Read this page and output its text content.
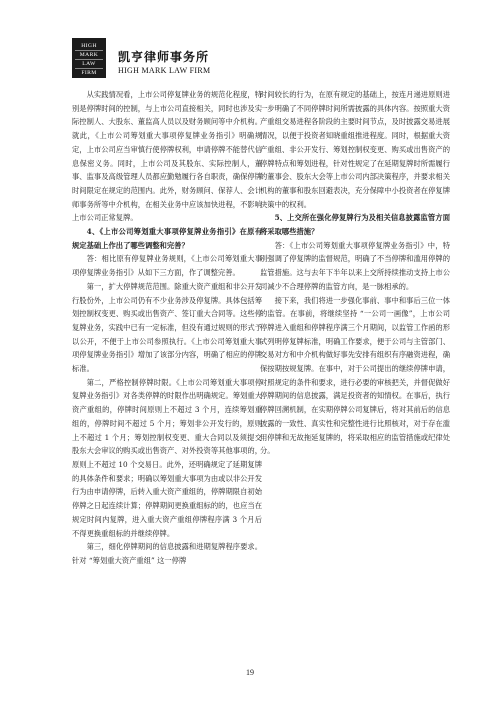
HIGH
MARK
LAW
FIRM
凯亨律师事务所
HIGH MARK LAW FIRM

从实践情况看，上市公司停复牌业务的规范化程度，特别是停牌时间的控制，与上市公司直接相关，同时也涉及实际控制人、大股东、董监高人员以及财务顾问等中介机构。就此，《上市公司筹划重大事项停复牌业务指引》明确规定，上市公司应当审慎行使停牌权利，申请停牌不能替代信息保密义务。同时，上市公司及其股东、实际控制人，董事、监事及高级管理人员都应勤勉履行各自职责，确保停牌时间限定在规定的范围内。此外，财务顾问、保荐人、会计师事务所等中介机构，在相关业务中应该加快进程，不影响上市公司正常复牌。

4、《上市公司筹划重大事项停复牌业务指引》在原有规定基础上作出了哪些调整和完善？

答：相比原有停复牌业务规则，《上市公司筹划重大事项停复牌业务指引》从如下三方面，作了调整完善。

第一，扩大停牌规范范围。除重大资产重组和非公开发行股份外，上市公司仍有不少业务涉及停复牌。具体包括筹划控制权变更、购买或出售资产、签订重大合同等。这些停复牌业务，实践中已有一定标准，但没有通过规则的形式予以公开，不便于上市公司参照执行。《上市公司筹划重大事项停复牌业务指引》增加了该部分内容，明确了相应的停牌标准。

第二，严格控制停牌时限。《上市公司筹划重大事项停复牌业务指引》对各类停牌的时限作出明确规定。筹划重大资产重组的，停牌时间原则上不超过 3 个月，连续筹划重组的，停牌时间不超过 5 个月；筹划非公开发行的，原则上不超过 1 个月；筹划控制权变更、重大合同以及须提交股东大会审议的购买或出售资产、对外投资等其他事项的，原则上不超过 10 个交易日。此外，还明确规定了延期复牌的具体条件和要求；明确以筹划重大事项为由或以非公开发行为由申请停牌，后转入重大资产重组的，停牌期限自初始停牌之日起连续计算；停牌期间更换重组标的的，也应当在规定时间内复牌，进入重大资产重组停牌程序满 3 个月后不得更换重组标的并继续停牌。

第三，细化停牌期间的信息披露和进期复牌程序要求。针对 “筹划重大资产重组” 这一停牌

时间较长的行为，在原有规定的基础上，按连月递进原则进一步明确了不同停牌时间所需披露的具体内容。按照重大资产重组交易进程各阶段的主要时间节点，及时披露交易进展情况，以便于投资者知晓重组推进程度。同时，根据重大资产重组、非公开发行、筹划控制权变更、购买或出售资产的停牌特点和筹划进程，针对性规定了在延期复牌时所需履行的董事会、股东大会等上市公司内部决策程序，并要求相关机构的董事和股东回避表决，充分保障中小投资者在停复牌决策中的权利。

5、上交所在强化停复牌行为及相关信息披露监管方面将采取哪些措施？

答：《上市公司筹划重大事项停复牌业务指引》中，特别强调了停复牌的监督规范，明确了不当停牌和滥用停牌的监管措施。这与去年下半年以来上交所持续推动支持上市公司减少不合理停牌的监管方向，是一脉相承的。

接下来，我们将进一步强化事前、事中和事后三位一体的监管。在事前，将继续坚持 “一公司一画像”，上市公司停牌进入重组和停牌程序满三个月期间，以监管工作函的形式列明停复牌标准，明确工作要求，便于公司与主管部门、交易对方和中介机构做好事先安排有组织有序融资进程，确保按期按规复牌。在事中，对于公司提出的继续停牌申请，对照规定的条件和要求，进行必要的审核把关，并督促做好停牌期间的信息披露，满足投资者的知情权。在事后，执行停牌回溯机制，在实期停牌公司复牌后，将对其前后的信息披露的一致性、真实性和完整性进行比照核对，对于存在滥用停牌和无故拖延复牌的，将采取相应的监管措施或纪律处分。

19
